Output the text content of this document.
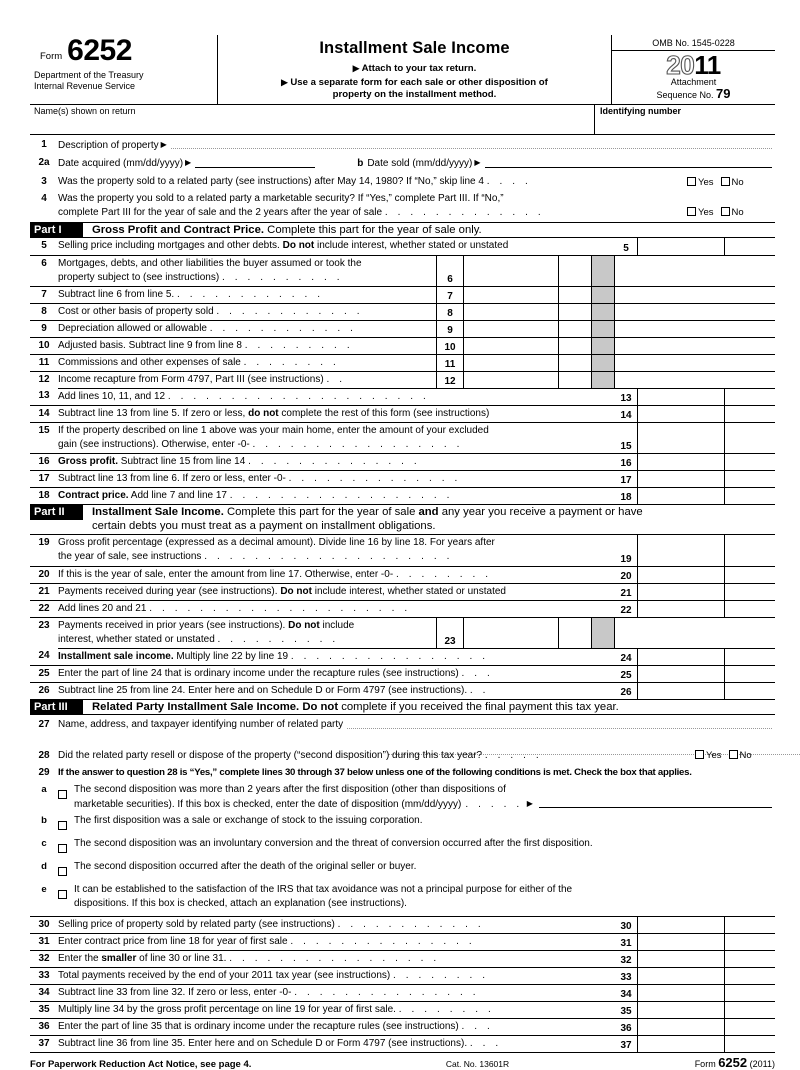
Form 6252
Department of the Treasury
Internal Revenue Service
Installment Sale Income
▶ Attach to your tax return.
▶ Use a separate form for each sale or other disposition of
property on the installment method.
OMB No. 1545-0228
2011
Attachment
Sequence No. 79
Name(s) shown on return	Identifying number
1	Description of property ▶
2a Date acquired (mm/dd/yyyy) ▶	b Date sold (mm/dd/yyyy) ▶
3	Was the property sold to a related party (see instructions) after May 14, 1980? If “No,” skip line 4 . . . .	Yes No
4	Was the property you sold to a related party a marketable security? If “Yes,” complete Part III. If “No,”
complete Part III for the year of sale and the 2 years after the year of sale . . . . . . . . . . . . .	Yes No
Part I	Gross Profit and Contract Price. Complete this part for the year of sale only.
5	Selling price including mortgages and other debts. Do not include interest, whether stated or unstated	5
6	Mortgages, debts, and other liabilities the buyer assumed or took the
property subject to (see instructions) . . . . . . . . . .	6
7	Subtract line 6 from line 5. . . . . . . . . . . . .	7
8	Cost or other basis of property sold . . . . . . . . . . . .	8
9	Depreciation allowed or allowable . . . . . . . . . . . .	9
10 Adjusted basis. Subtract line 9 from line 8 . . . . . . . . .	10
11 Commissions and other expenses of sale . . . . . . . .	11
12 Income recapture from Form 4797, Part III (see instructions) . .	12
13 Add lines 10, 11, and 12 . . . . . . . . . . . . . . . . . . . . .	13
14 Subtract line 13 from line 5. If zero or less, do not complete the rest of this form (see instructions)	14
15 If the property described on line 1 above was your main home, enter the amount of your excluded
gain (see instructions). Otherwise, enter -0- . . . . . . . . . . . . . . . . .	15
16 Gross profit. Subtract line 15 from line 14 . . . . . . . . . . . . . .	16
17 Subtract line 13 from line 6. If zero or less, enter -0- . . . . . . . . . . . . . .	17
18 Contract price. Add line 7 and line 17 . . . . . . . . . . . . . . . . . .	18
Part II	Installment Sale Income. Complete this part for the year of sale and any year you receive a payment or have
certain debts you must treat as a payment on installment obligations.
19 Gross profit percentage (expressed as a decimal amount). Divide line 16 by line 18. For years after
the year of sale, see instructions . . . . . . . . . . . . . . . . . . . .	19
20 If this is the year of sale, enter the amount from line 17. Otherwise, enter -0- . . . . . . . .	20
21 Payments received during year (see instructions). Do not include interest, whether stated or unstated	21
22 Add lines 20 and 21 . . . . . . . . . . . . . . . . . . . . .	22
23 Payments received in prior years (see instructions). Do not include
interest, whether stated or unstated . . . . . . . . . .	23
24 Installment sale income. Multiply line 22 by line 19 . . . . . . . . . . . . . . . .	24
25 Enter the part of line 24 that is ordinary income under the recapture rules (see instructions) . . .	25
26 Subtract line 25 from line 24. Enter here and on Schedule D or Form 4797 (see instructions). . .	26
Part III	Related Party Installment Sale Income. Do not complete if you received the final payment this tax year.
27 Name, address, and taxpayer identifying number of related party
28 Did the related party resell or dispose of the property (“second disposition”) during this tax year? . . . . .	Yes No
29 If the answer to question 28 is “Yes,” complete lines 30 through 37 below unless one of the following conditions is met. Check the box that applies.
a	The second disposition was more than 2 years after the first disposition (other than dispositions of
marketable securities). If this box is checked, enter the date of disposition (mm/dd/yyyy) . . . . . ▶
b	The first disposition was a sale or exchange of stock to the issuing corporation.
c	The second disposition was an involuntary conversion and the threat of conversion occurred after the first disposition.
d	The second disposition occurred after the death of the original seller or buyer.
e	It can be established to the satisfaction of the IRS that tax avoidance was not a principal purpose for either of the
dispositions. If this box is checked, attach an explanation (see instructions).
30 Selling price of property sold by related party (see instructions) . . . . . . . . . . . .	30
31 Enter contract price from line 18 for year of first sale . . . . . . . . . . . . . . .	31
32 Enter the smaller of line 30 or line 31. . . . . . . . . . . . . . . . . .	32
33 Total payments received by the end of your 2011 tax year (see instructions) . . . . . . . .	33
34 Subtract line 33 from line 32. If zero or less, enter -0- . . . . . . . . . . . . . . .	34
35 Multiply line 34 by the gross profit percentage on line 19 for year of first sale. . . . . . . . .	35
36 Enter the part of line 35 that is ordinary income under the recapture rules (see instructions) . . .	36
37 Subtract line 36 from line 35. Enter here and on Schedule D or Form 4797 (see instructions). . . .	37
For Paperwork Reduction Act Notice, see page 4.	Cat. No. 13601R	Form 6252 (2011)
